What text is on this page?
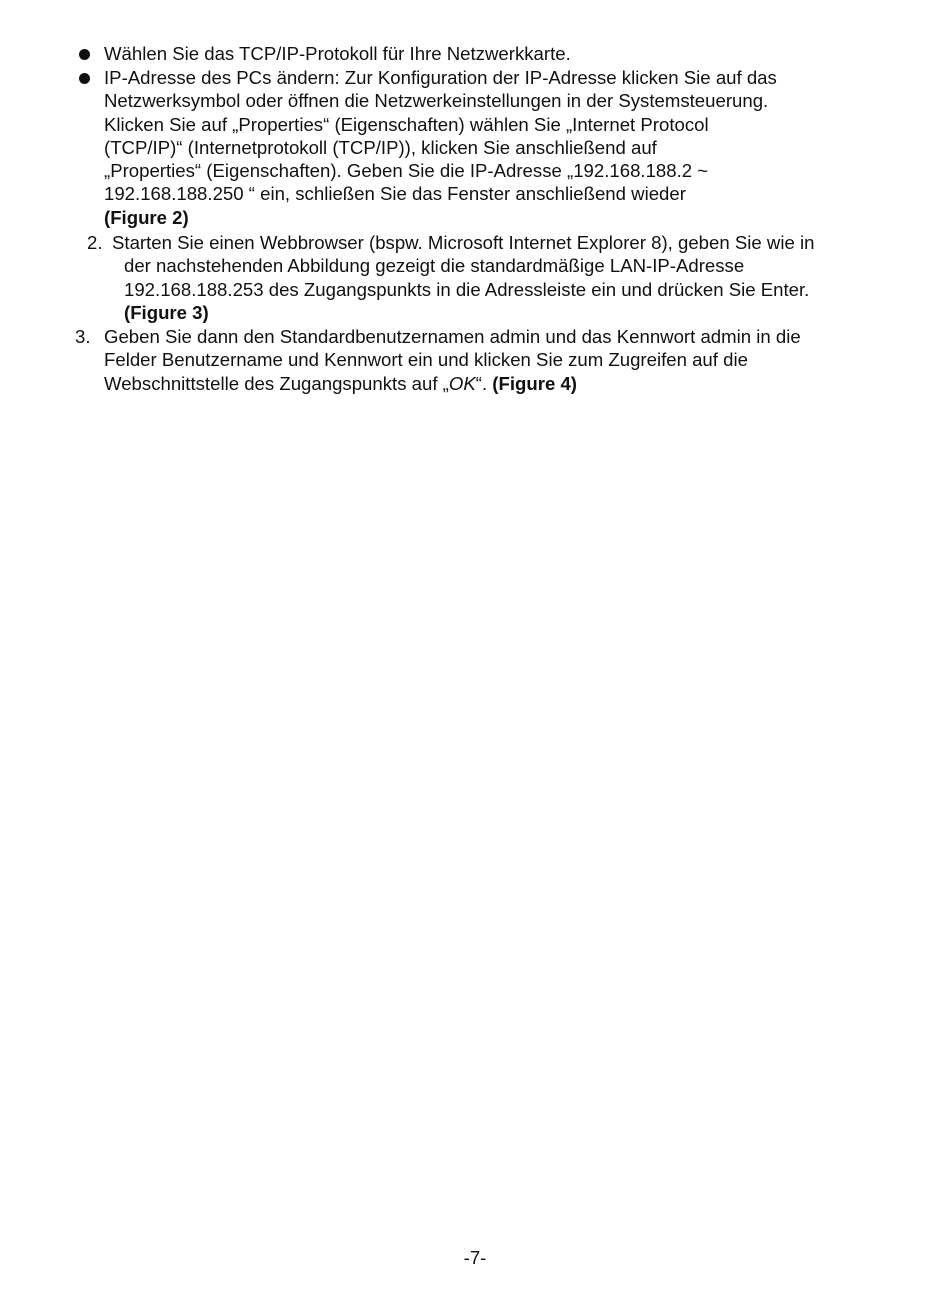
Wählen Sie das TCP/IP-Protokoll für Ihre Netzwerkkarte.
IP-Adresse des PCs ändern: Zur Konfiguration der IP-Adresse klicken Sie auf das
Netzwerksymbol oder öffnen die Netzwerkeinstellungen in der Systemsteuerung.
Klicken Sie auf „Properties“ (Eigenschaften) wählen Sie „Internet Protocol
(TCP/IP)“ (Internetprotokoll (TCP/IP)), klicken Sie anschließend auf
„Properties“ (Eigenschaften). Geben Sie die IP-Adresse „192.168.188.2 ~
192.168.188.250 “ ein, schließen Sie das Fenster anschließend wieder
(Figure 2)
2. Starten Sie einen Webbrowser (bspw. Microsoft Internet Explorer 8), geben Sie wie in
der nachstehenden Abbildung gezeigt die standardmäßige LAN-IP-Adresse
192.168.188.253 des Zugangspunkts in die Adressleiste ein und drücken Sie Enter.
(Figure 3)
3. Geben Sie dann den Standardbenutzernamen admin und das Kennwort admin in die
Felder Benutzername und Kennwort ein und klicken Sie zum Zugreifen auf die
Webschnittstelle des Zugangspunkts auf „OK“. (Figure 4)
-7-
